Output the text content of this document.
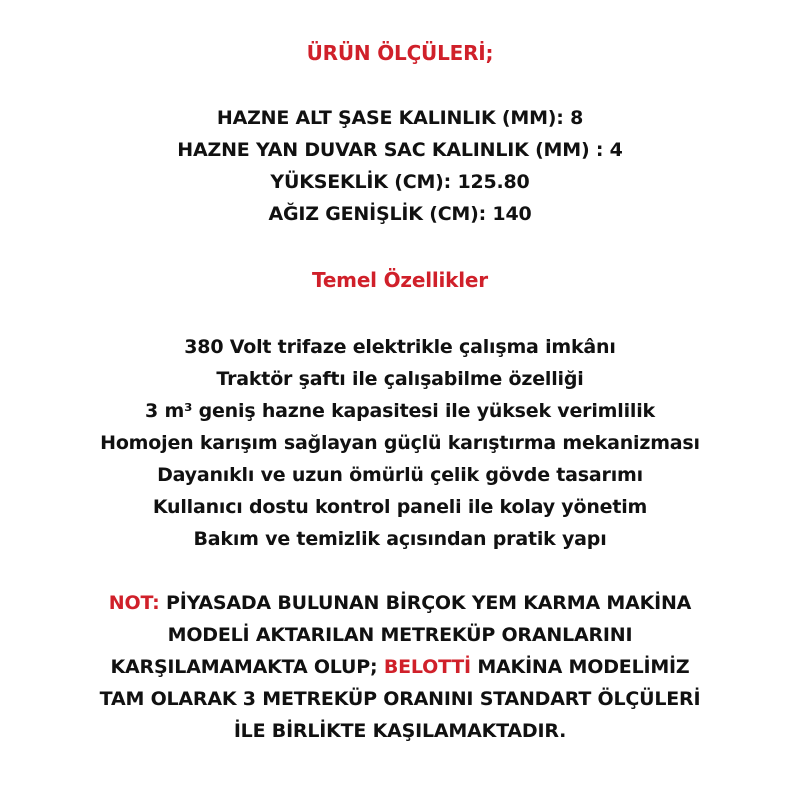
ÜRÜN ÖLÇÜLERİ;
HAZNE ALT ŞASE KALINLIK (MM): 8
HAZNE YAN DUVAR SAC KALINLIK (MM) : 4
YÜKSEKLİK (CM): 125.80
AĞIZ GENİŞLİK (CM): 140
Temel Özellikler
380 Volt trifaze elektrikle çalışma imkânı
Traktör şaftı ile çalışabilme özelliği
3 m³ geniş hazne kapasitesi ile yüksek verimlilik
Homojen karışım sağlayan güçlü karıştırma mekanizması
Dayanıklı ve uzun ömürlü çelik gövde tasarımı
Kullanıcı dostu kontrol paneli ile kolay yönetim
Bakım ve temizlik açısından pratik yapı
NOT: PİYASADA BULUNAN BİRÇOK YEM KARMA MAKİNA
MODELİ AKTARILAN METREKÜP ORANLARINI
KARŞILAMAMAKTA OLUP; BELOTTİ MAKİNA MODELİMİZ
TAM OLARAK 3 METREKÜP ORANINI STANDART ÖLÇÜLERİ
İLE BİRLİKTE KAŞILAMAKTADIR.
